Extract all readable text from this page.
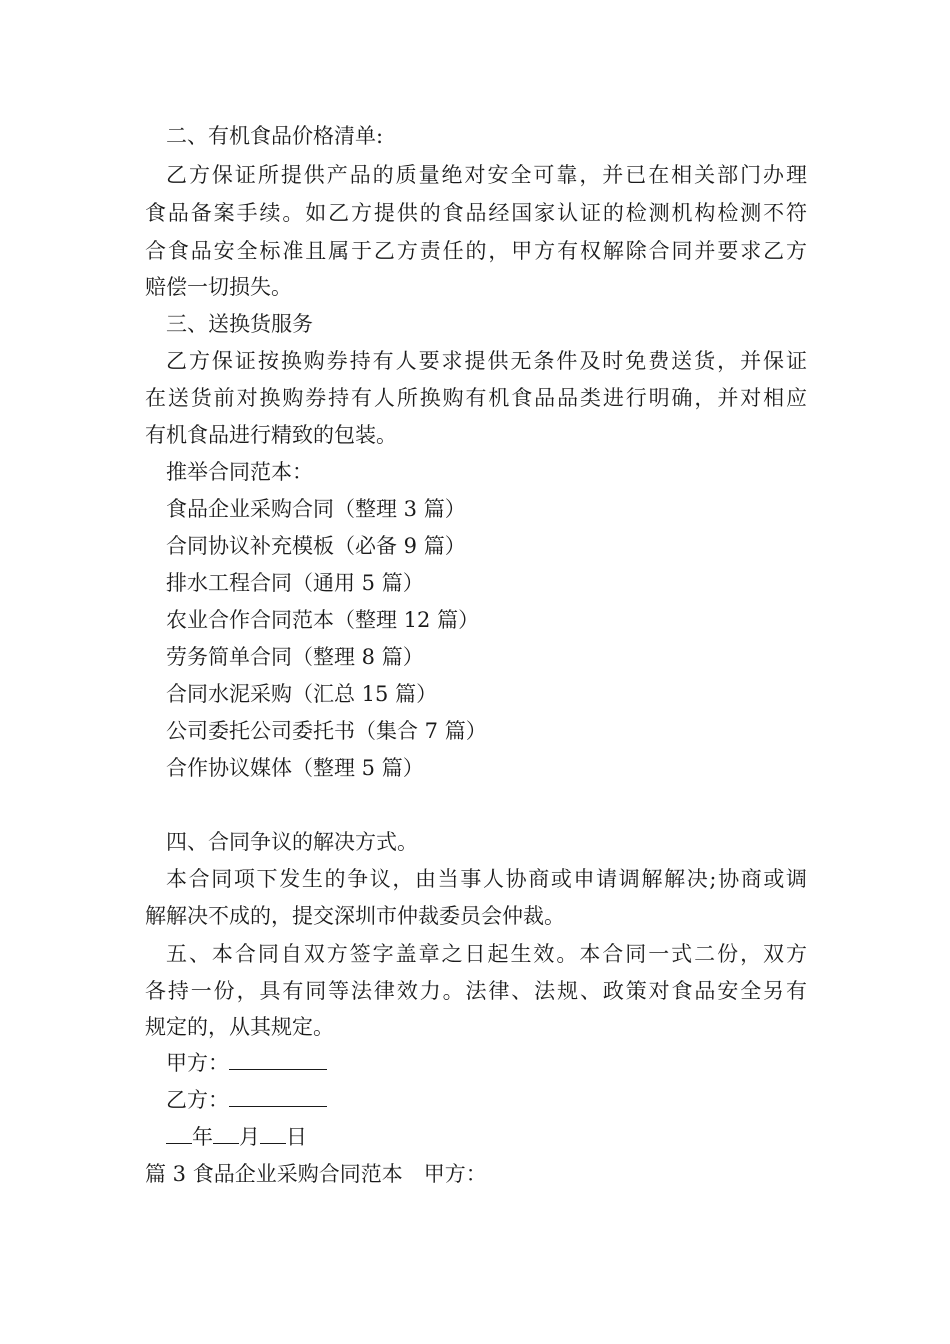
二、有机食品价格清单:
乙方保证所提供产品的质量绝对安全可靠，并已在相关部门办理
食品备案手续。如乙方提供的食品经国家认证的检测机构检测不符
合食品安全标准且属于乙方责任的，甲方有权解除合同并要求乙方
赔偿一切损失。
三、送换货服务
乙方保证按换购券持有人要求提供无条件及时免费送货，并保证
在送货前对换购券持有人所换购有机食品品类进行明确，并对相应
有机食品进行精致的包装。
推举合同范本：
食品企业采购合同（整理 3 篇）
合同协议补充模板（必备 9 篇）
排水工程合同（通用 5 篇）
农业合作合同范本（整理 12 篇）
劳务简单合同（整理 8 篇）
合同水泥采购（汇总 15 篇）
公司委托公司委托书（集合 7 篇）
合作协议媒体（整理 5 篇）
四、合同争议的解决方式。
本合同项下发生的争议，由当事人协商或申请调解解决;协商或调
解解决不成的，提交深圳市仲裁委员会仲裁。
五、本合同自双方签字盖章之日起生效。本合同一式二份，双方
各持一份，具有同等法律效力。法律、法规、政策对食品安全另有
规定的，从其规定。
甲方：
乙方：
年 月 日
篇 3 食品企业采购合同范本　甲方：
